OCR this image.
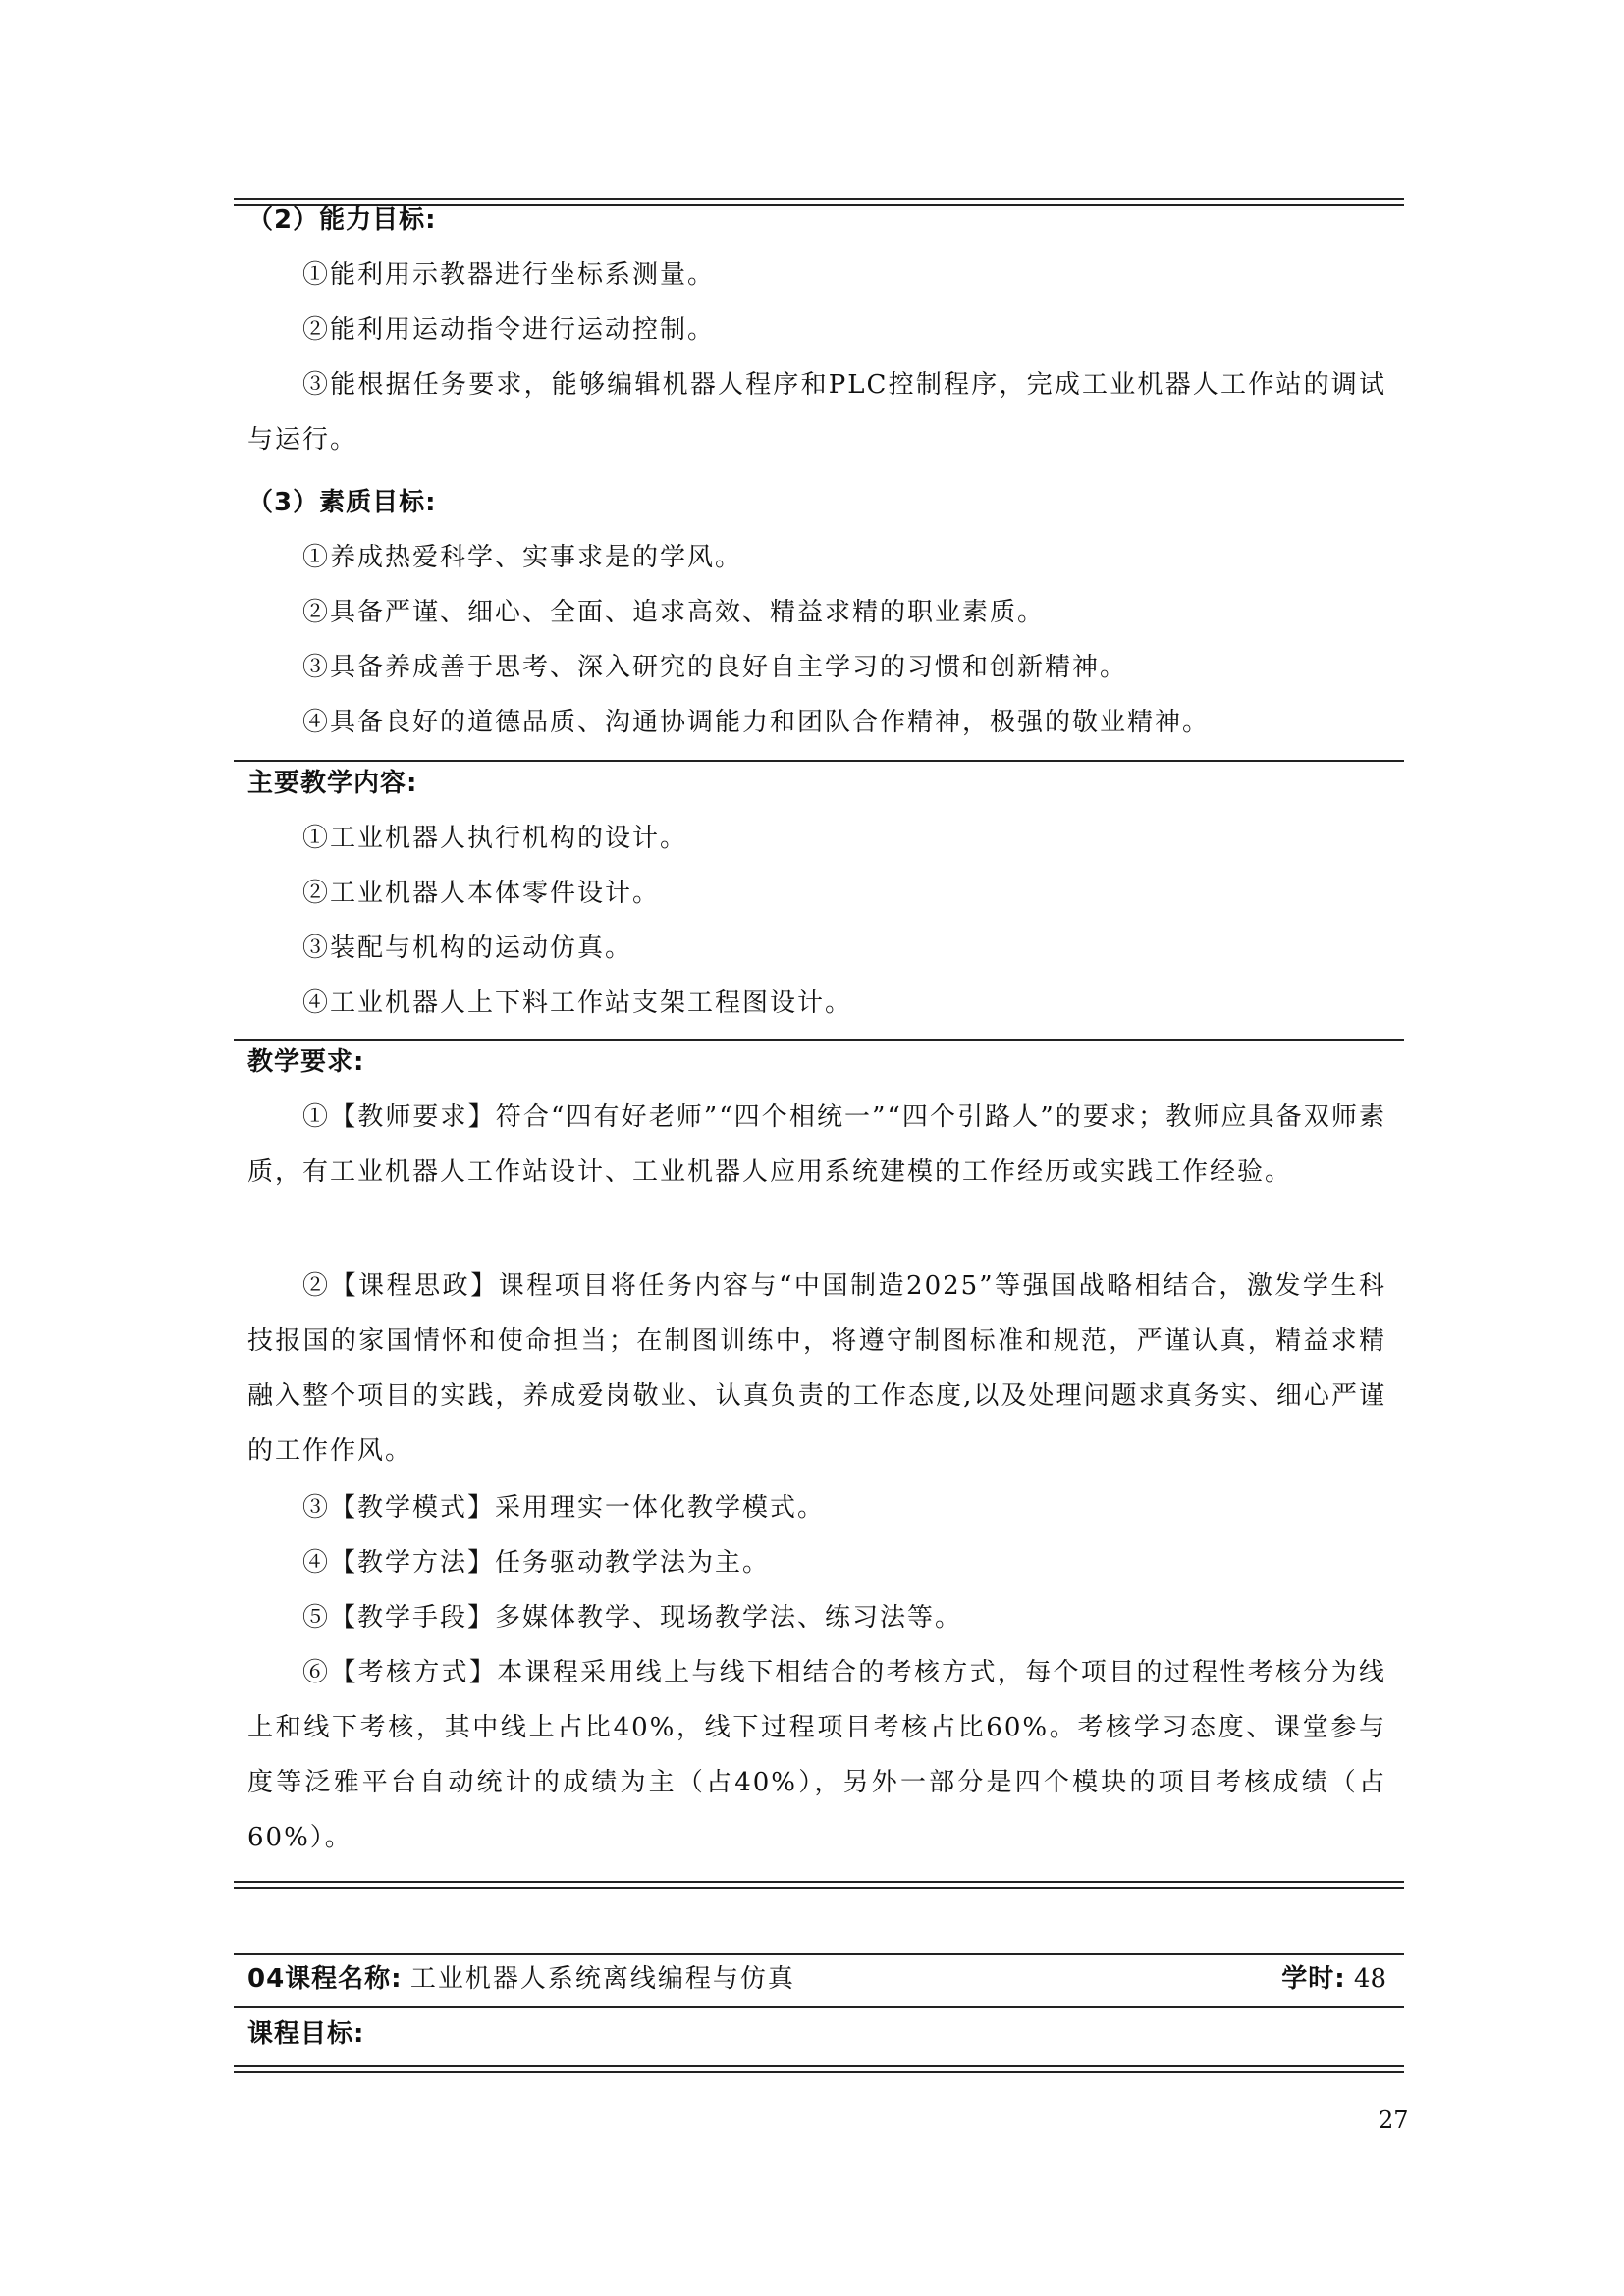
（2）能力目标:
①能利用示教器进行坐标系测量。
②能利用运动指令进行运动控制。
③能根据任务要求，能够编辑机器人程序和PLC控制程序，完成工业机器人工作站的调试与运行。
（3）素质目标:
①养成热爱科学、实事求是的学风。
②具备严谨、细心、全面、追求高效、精益求精的职业素质。
③具备养成善于思考、深入研究的良好自主学习的习惯和创新精神。
④具备良好的道德品质、沟通协调能力和团队合作精神，极强的敬业精神。
主要教学内容:
①工业机器人执行机构的设计。
②工业机器人本体零件设计。
③装配与机构的运动仿真。
④工业机器人上下料工作站支架工程图设计。
教学要求:
①【教师要求】符合“四有好老师”“四个相统一”“四个引路人”的要求；教师应具备双师素质，有工业机器人工作站设计、工业机器人应用系统建模的工作经历或实践工作经验。
②【课程思政】课程项目将任务内容与“中国制造2025”等强国战略相结合，激发学生科技报国的家国情怀和使命担当；在制图训练中，将遵守制图标准和规范，严谨认真，精益求精融入整个项目的实践，养成爱岗敬业、认真负责的工作态度,以及处理问题求真务实、细心严谨的工作作风。
③【教学模式】采用理实一体化教学模式。
④【教学方法】任务驱动教学法为主。
⑤【教学手段】多媒体教学、现场教学法、练习法等。
⑥【考核方式】本课程采用线上与线下相结合的考核方式，每个项目的过程性考核分为线上和线下考核，其中线上占比40%，线下过程项目考核占比60%。考核学习态度、课堂参与度等泛雅平台自动统计的成绩为主（占40%），另外一部分是四个模块的项目考核成绩（占60%）。
04课程名称: 工业机器人系统离线编程与仿真	学时: 48
课程目标:
27
